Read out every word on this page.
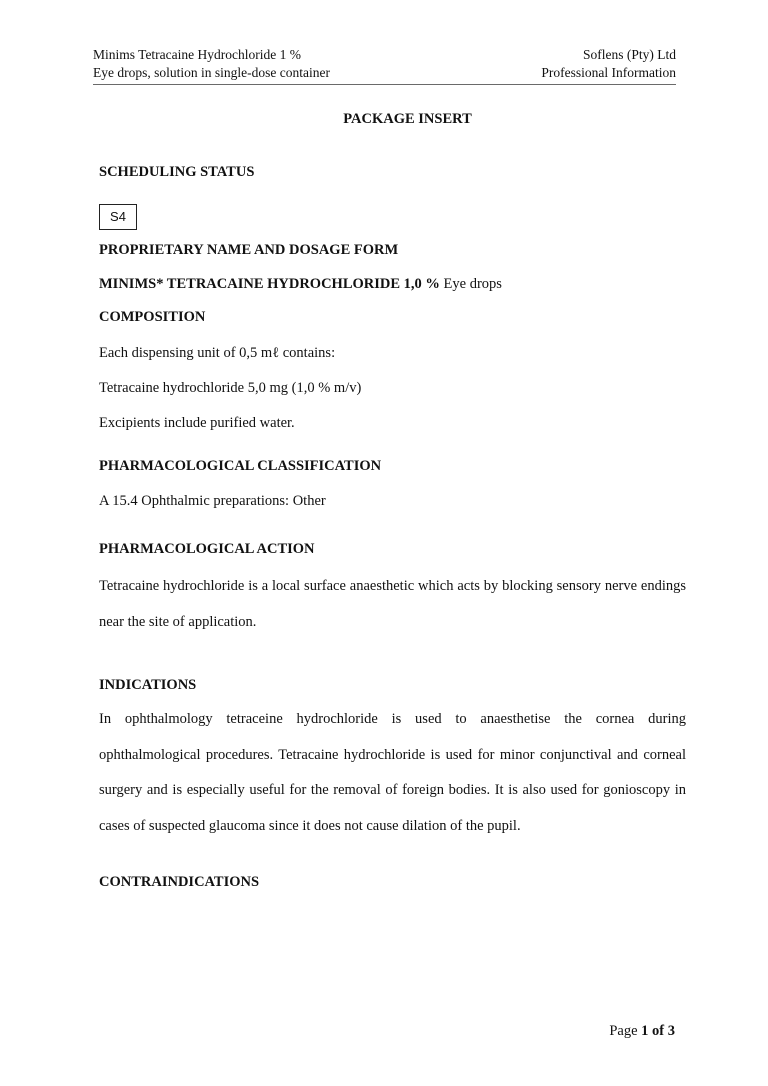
Minims Tetracaine Hydrochloride 1 %
Eye drops, solution in single-dose container
Soflens (Pty) Ltd
Professional Information
PACKAGE INSERT
SCHEDULING STATUS
S4
PROPRIETARY NAME AND DOSAGE FORM
MINIMS* TETRACAINE HYDROCHLORIDE 1,0 % Eye drops
COMPOSITION
Each dispensing unit of 0,5 mℓ contains:
Tetracaine hydrochloride 5,0 mg (1,0 % m/v)
Excipients include purified water.
PHARMACOLOGICAL CLASSIFICATION
A 15.4 Ophthalmic preparations: Other
PHARMACOLOGICAL ACTION
Tetracaine hydrochloride is a local surface anaesthetic which acts by blocking sensory nerve endings near the site of application.
INDICATIONS
In ophthalmology tetraceine hydrochloride is used to anaesthetise the cornea during ophthalmological procedures. Tetracaine hydrochloride is used for minor conjunctival and corneal surgery and is especially useful for the removal of foreign bodies. It is also used for gonioscopy in cases of suspected glaucoma since it does not cause dilation of the pupil.
CONTRAINDICATIONS
Page 1 of 3
